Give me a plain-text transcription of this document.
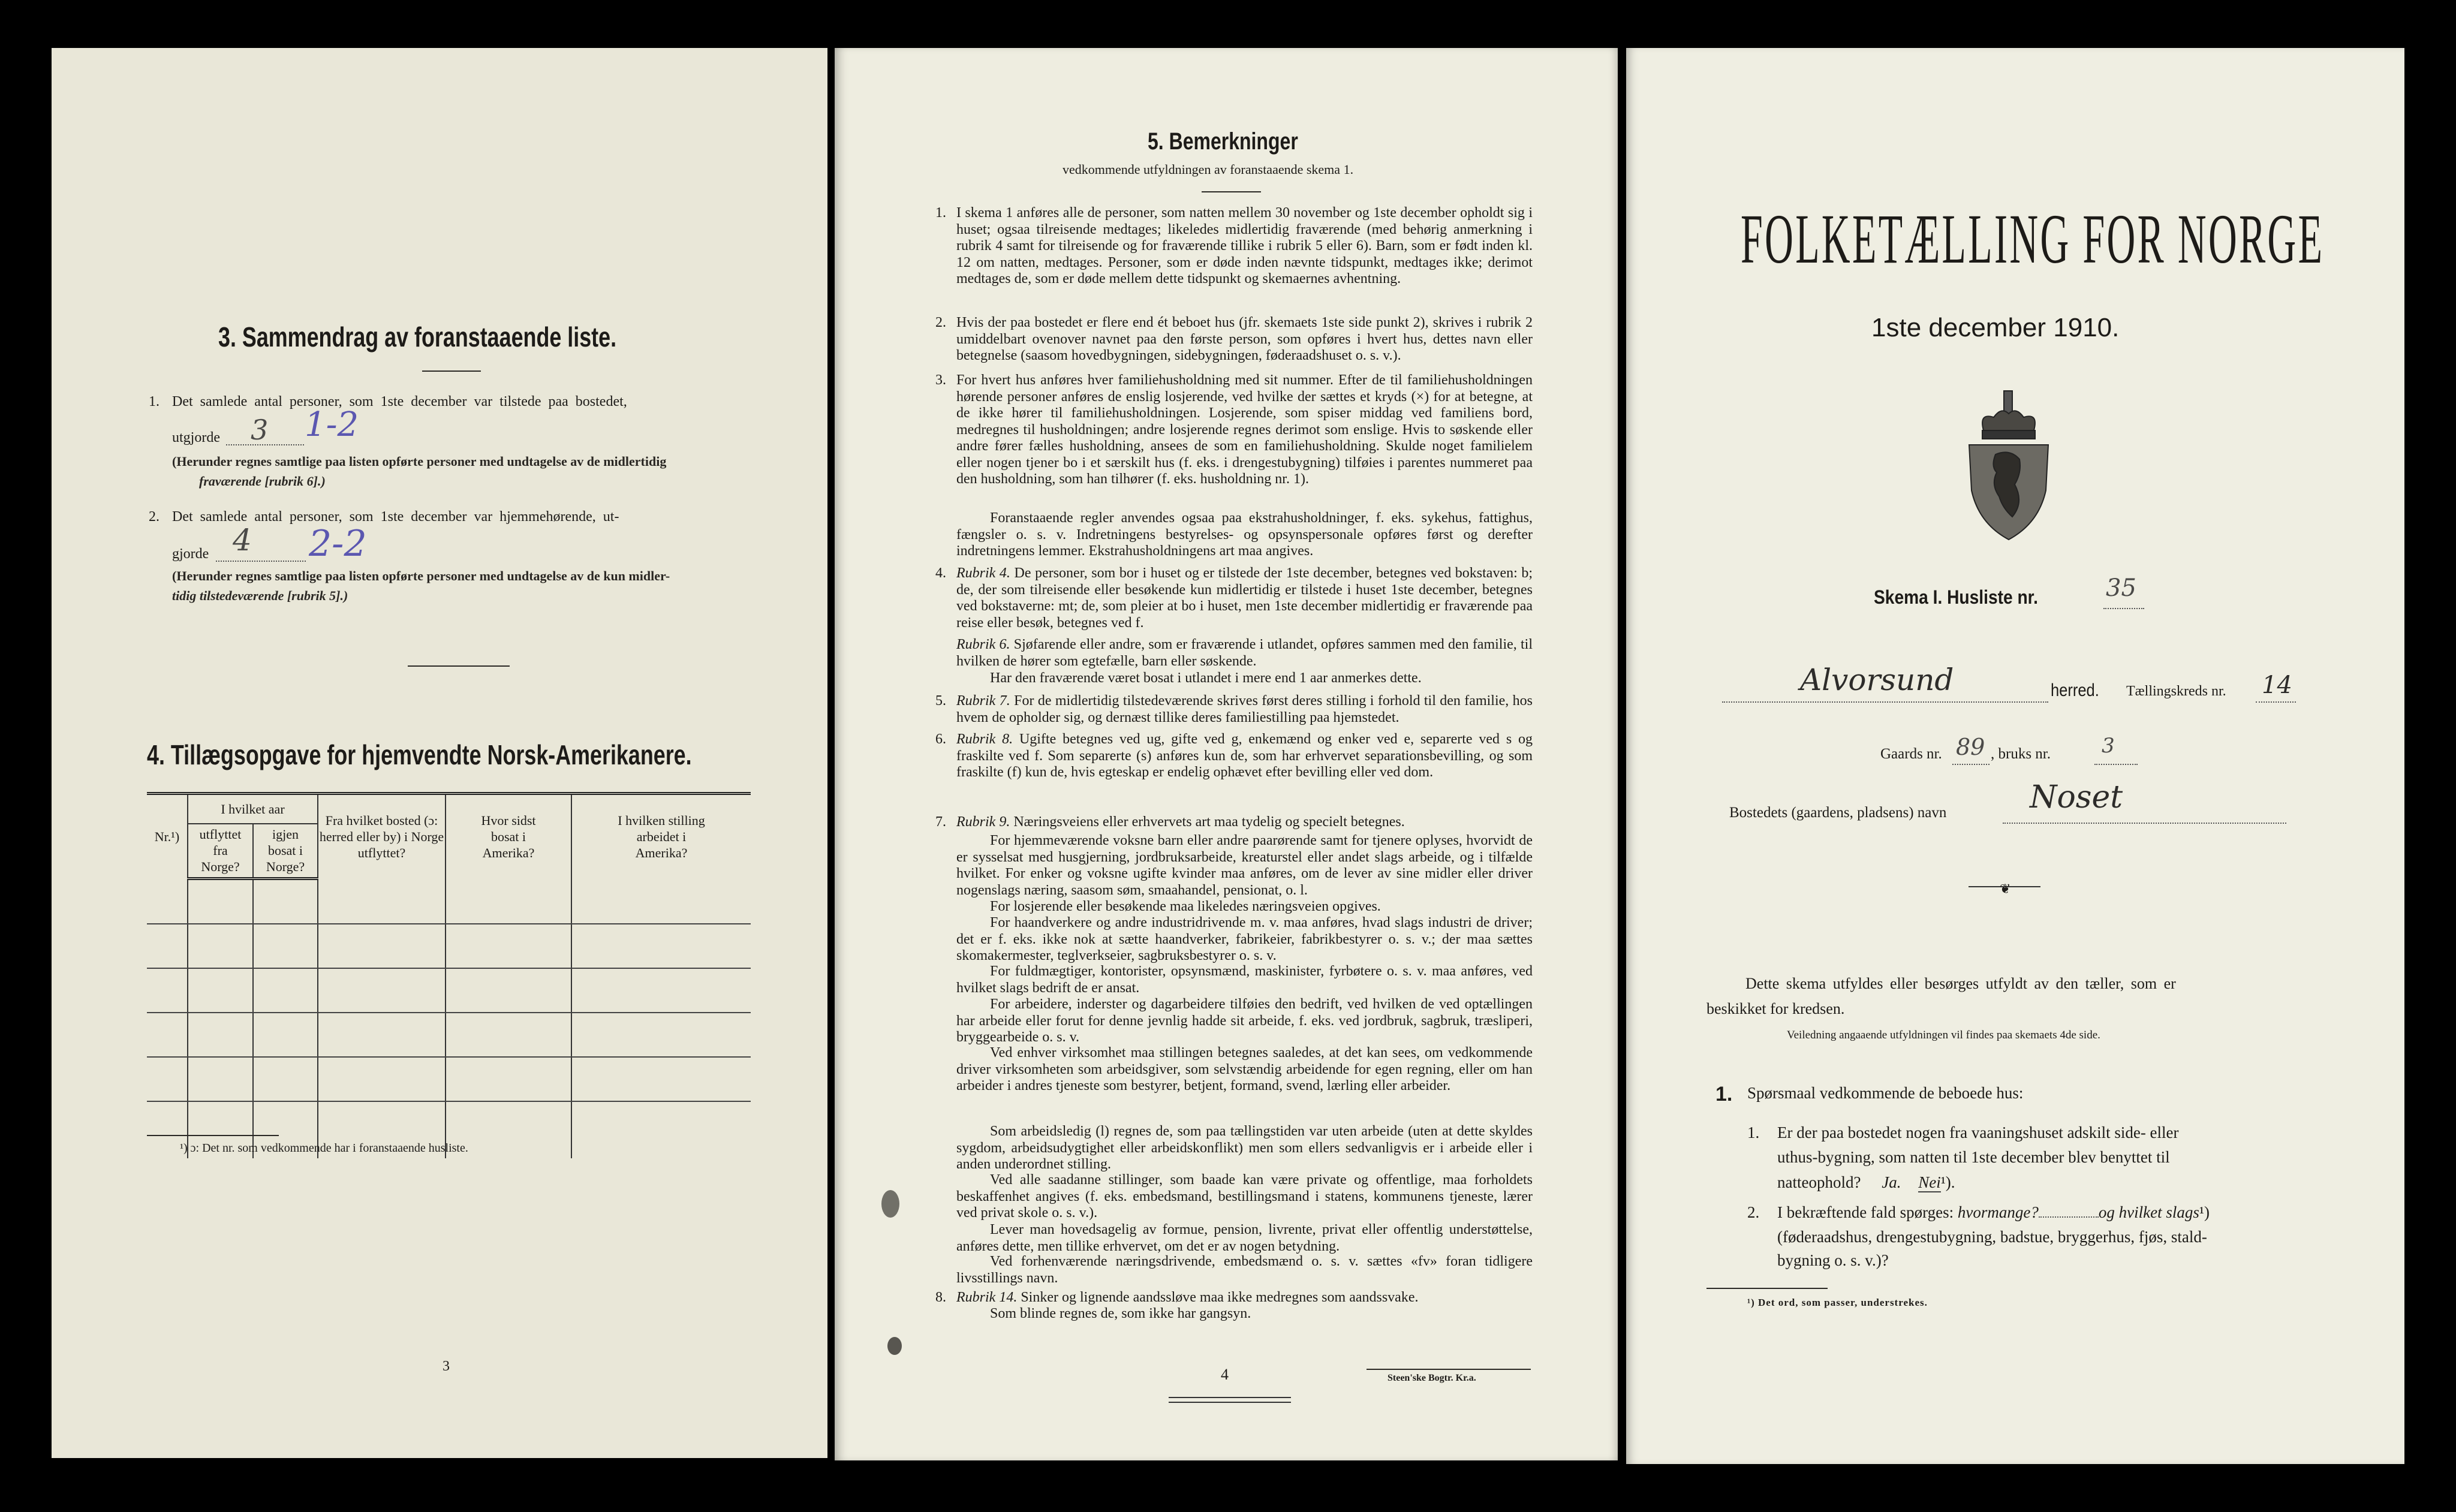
3. Sammendrag av foranstaaende liste.
1. Det samlede antal personer, som 1ste december var tilstede paa bostedet,
utgjorde 3 1-2
(Herunder regnes samtlige paa listen opførte personer med undtagelse av de midlertidig
fraværende [rubrik 6].)
2. Det samlede antal personer, som 1ste december var hjemmehørende, ut-
gjorde 4 2-2
(Herunder regnes samtlige paa listen opførte personer med undtagelse av de kun midler-
tidig tilstedeværende [rubrik 5].)
4. Tillægsopgave for hjemvendte Norsk-Amerikanere.
Nr.¹)	I hvilket aar		Fra hvilket bosted (ɔ: herred eller by) i Norge utflyttet?	Hvor sidst bosat i Amerika?	I hvilken stilling arbeidet i Amerika?
	utflyttet fra Norge?	igjen bosat i Norge?			

¹) ɔ: Det nr. som vedkommende har i foranstaaende husliste.
3
5. Bemerkninger
vedkommende utfyldningen av foranstaaende skema 1.
1. I skema 1 anføres alle de personer, som natten mellem 30 november og 1ste december opholdt sig i huset; ogsaa tilreisende medtages; likeledes midlertidig fraværende (med behørig anmerkning i rubrik 4 samt for tilreisende og for fraværende tillike i rubrik 5 eller 6). Barn, som er født inden kl. 12 om natten, medtages. Personer, som er døde inden nævnte tidspunkt, medtages ikke; derimot medtages de, som er døde mellem dette tidspunkt og skemaernes avhentning.
2. Hvis der paa bostedet er flere end ét beboet hus (jfr. skemaets 1ste side punkt 2), skrives i rubrik 2 umiddelbart ovenover navnet paa den første person, som opføres i hvert hus, dettes navn eller betegnelse (saasom hovedbygningen, sidebygningen, føderaadshuset o. s. v.).
3. For hvert hus anføres hver familiehusholdning med sit nummer. Efter de til familiehusholdningen hørende personer anføres de enslig losjerende, ved hvilke der sættes et kryds (×) for at betegne, at de ikke hører til familiehusholdningen. Losjerende, som spiser middag ved familiens bord, medregnes til husholdningen; andre losjerende regnes derimot som enslige. Hvis to søskende eller andre fører fælles husholdning, ansees de som en familiehusholdning. Skulde noget familielem eller nogen tjener bo i et særskilt hus (f. eks. i drengestubygning) tilføies i parentes nummeret paa den husholdning, som han tilhører (f. eks. husholdning nr. 1).
Foranstaaende regler anvendes ogsaa paa ekstrahusholdninger, f. eks. sykehus, fattighus, fængsler o. s. v. Indretningens bestyrelses- og opsynspersonale opføres først og derefter indretningens lemmer. Ekstrahusholdningens art maa angives.
4. Rubrik 4. De personer, som bor i huset og er tilstede der 1ste december, betegnes ved bokstaven: b; de, der som tilreisende eller besøkende kun midlertidig er tilstede i huset 1ste december, betegnes ved bokstaverne: mt; de, som pleier at bo i huset, men 1ste december midlertidig er fraværende paa reise eller besøk, betegnes ved f.
Rubrik 6. Sjøfarende eller andre, som er fraværende i utlandet, opføres sammen med den familie, til hvilken de hører som egtefælle, barn eller søskende.
Har den fraværende været bosat i utlandet i mere end 1 aar anmerkes dette.
5. Rubrik 7. For de midlertidig tilstedeværende skrives først deres stilling i forhold til den familie, hos hvem de opholder sig, og dernæst tillike deres familiestilling paa hjemstedet.
6. Rubrik 8. Ugifte betegnes ved ug, gifte ved g, enkemænd og enker ved e, separerte ved s og fraskilte ved f. Som separerte (s) anføres kun de, som har erhvervet separationsbevilling, og som fraskilte (f) kun de, hvis egteskap er endelig ophævet efter bevilling eller ved dom.
7. Rubrik 9. Næringsveiens eller erhvervets art maa tydelig og specielt betegnes.
For hjemmeværende voksne barn eller andre paarørende samt for tjenere oplyses, hvorvidt de er sysselsat med husgjerning, jordbruksarbeide, kreaturstel eller andet slags arbeide, og i tilfælde hvilket. For enker og voksne ugifte kvinder maa anføres, om de lever av sine midler eller driver nogenslags næring, saasom søm, smaahandel, pensionat, o. l.
For losjerende eller besøkende maa likeledes næringsveien opgives.
For haandverkere og andre industridrivende m. v. maa anføres, hvad slags industri de driver; det er f. eks. ikke nok at sætte haandverker, fabrikeier, fabrikbestyrer o. s. v.; der maa sættes skomakermester, teglverkseier, sagbruksbestyrer o. s. v.
For fuldmægtiger, kontorister, opsynsmænd, maskinister, fyrbøtere o. s. v. maa anføres, ved hvilket slags bedrift de er ansat.
For arbeidere, inderster og dagarbeidere tilføies den bedrift, ved hvilken de ved optællingen har arbeide eller forut for denne jevnlig hadde sit arbeide, f. eks. ved jordbruk, sagbruk, træsliperi, bryggearbeide o. s. v.
Ved enhver virksomhet maa stillingen betegnes saaledes, at det kan sees, om vedkommende driver virksomheten som arbeidsgiver, som selvstændig arbeidende for egen regning, eller om han arbeider i andres tjeneste som bestyrer, betjent, formand, svend, lærling eller arbeider.
Som arbeidsledig (l) regnes de, som paa tællingstiden var uten arbeide (uten at dette skyldes sygdom, arbeidsudygtighet eller arbeidskonflikt) men som ellers sedvanligvis er i arbeide eller i anden underordnet stilling.
Ved alle saadanne stillinger, som baade kan være private og offentlige, maa forholdets beskaffenhet angives (f. eks. embedsmand, bestillingsmand i statens, kommunens tjeneste, lærer ved privat skole o. s. v.).
Lever man hovedsagelig av formue, pension, livrente, privat eller offentlig understøttelse, anføres dette, men tillike erhvervet, om det er av nogen betydning.
Ved forhenværende næringsdrivende, embedsmænd o. s. v. sættes «fv» foran tidligere livsstillings navn.
8. Rubrik 14. Sinker og lignende aandssløve maa ikke medregnes som aandssvake.
Som blinde regnes de, som ikke har gangsyn.
4	Steen'ske Bogtr. Kr.a.
FOLKETÆLLING FOR NORGE
1ste december 1910.
Skema I. Husliste nr.	35
Alvorsund	herred. Tællingskreds nr. 14
Gaards nr. 89 , bruks nr.	3
Bostedets (gaardens, pladsens) navn	Noset
❦
Dette skema utfyldes eller besørges utfyldt av den tæller, som er
beskikket for kredsen.
Veiledning angaaende utfyldningen vil findes paa skemaets 4de side.
1. Spørsmaal vedkommende de beboede hus:
1. Er der paa bostedet nogen fra vaaningshuset adskilt side- eller
uthus-bygning, som natten til 1ste december blev benyttet til
natteophold? Ja. Nei¹).
2. I bekræftende fald spørges: hvormange?	og hvilket slags¹)
(føderaadshus, drengestubygning, badstue, bryggerhus, fjøs, stald-
bygning o. s. v.)?
¹) Det ord, som passer, understrekes.
